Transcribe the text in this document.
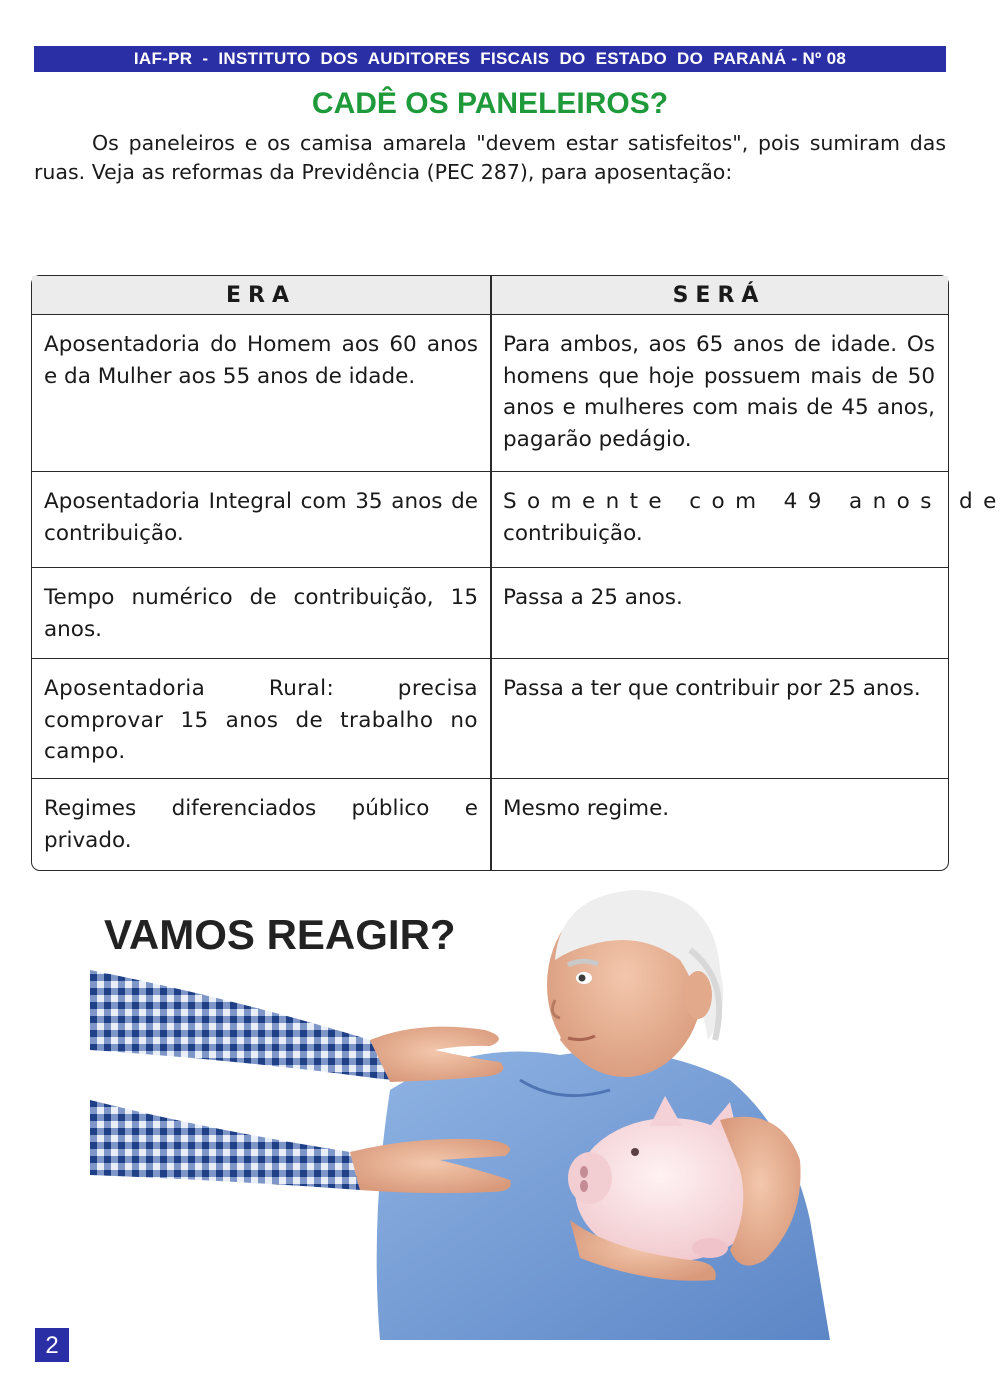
IAF-PR  -  INSTITUTO  DOS  AUDITORES  FISCAIS  DO  ESTADO  DO  PARANÁ - Nº 08
CADÊ OS PANELEIROS?
Os paneleiros e os camisa amarela "devem estar satisfeitos", pois sumiram das ruas. Veja as reformas da Previdência (PEC 287), para aposentação:
ERA	SERÁ
Aposentadoria do Homem aos 60 anos e da Mulher aos 55 anos de idade.
Para ambos, aos 65 anos de idade. Os homens que hoje possuem mais de 50 anos e mulheres com mais de 45 anos, pagarão pedágio.
Aposentadoria Integral com 35 anos de contribuição.
Somente com 49 anos de
contribuição.
Tempo numérico de contribuição, 15 anos.
Passa a 25 anos.
Aposentadoria Rural: precisa comprovar 15 anos de trabalho no campo.
Passa a ter que contribuir por 25 anos.
Regimes diferenciados público e privado.
Mesmo regime.
VAMOS REAGIR?
2
